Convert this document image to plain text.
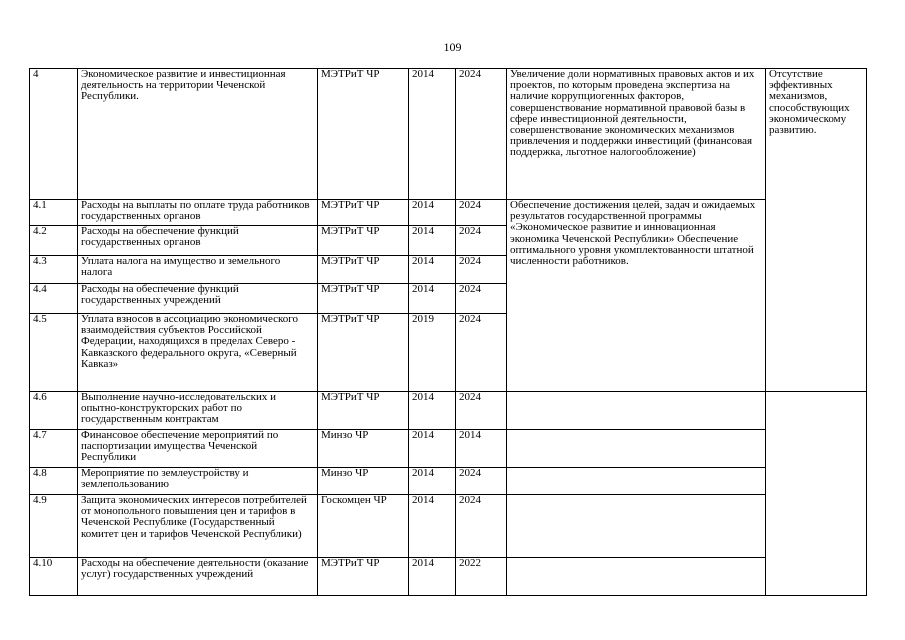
109
4	Экономическое развитие и инвестиционная деятельность на территории Чеченской Республики.	МЭТРиТ ЧР	2014	2024	Увеличение доли нормативных правовых актов и их проектов, по которым проведена экспертиза на наличие коррупциогенных факторов,
совершенствование нормативной правовой базы в сфере инвестиционной деятельности,
совершенствование экономических механизмов привлечения и поддержки инвестиций (финансовая поддержка, льготное налогообложение)	Отсутствие эффективных механизмов, способствующих экономическому развитию.
4.1	Расходы на выплаты по оплате труда работников государственных органов	МЭТРиТ ЧР	2014	2024	Обеспечение достижения целей, задач и ожидаемых результатов государственной программы «Экономическое развитие и инновационная экономика Чеченской Республики» Обеспечение оптимального уровня укомплектованности штатной численности работников.	
4.2	Расходы на обеспечение функций государственных органов	МЭТРиТ ЧР	2014	2024		
4.3	Уплата налога на имущество и земельного налога	МЭТРиТ ЧР	2014	2024		
4.4	Расходы на обеспечение функций государственных учреждений	МЭТРиТ ЧР	2014	2024		
4.5	Уплата взносов в ассоциацию экономического взаимодействия субъектов Российской Федерации, находящихся в пределах Северо - Кавказского федерального округа, «Северный Кавказ»	МЭТРиТ ЧР	2019	2024		
4.6	Выполнение научно-исследовательских и опытно-конструкторских работ по государственным контрактам	МЭТРиТ ЧР	2014	2024		
4.7	Финансовое обеспечение мероприятий по паспортизации имущества Чеченской Республики	Минзо ЧР	2014	2014		
4.8	Мероприятие по землеустройству и землепользованию	Минзо ЧР	2014	2024		
4.9	Защита экономических интересов потребителей от монопольного повышения цен и тарифов в Чеченской Республике (Государственный комитет цен и тарифов Чеченской Республики)	Госкомцен ЧР	2014	2024		
4.10	Расходы на обеспечение деятельности (оказание услуг) государственных учреждений	МЭТРиТ ЧР	2014	2022		
